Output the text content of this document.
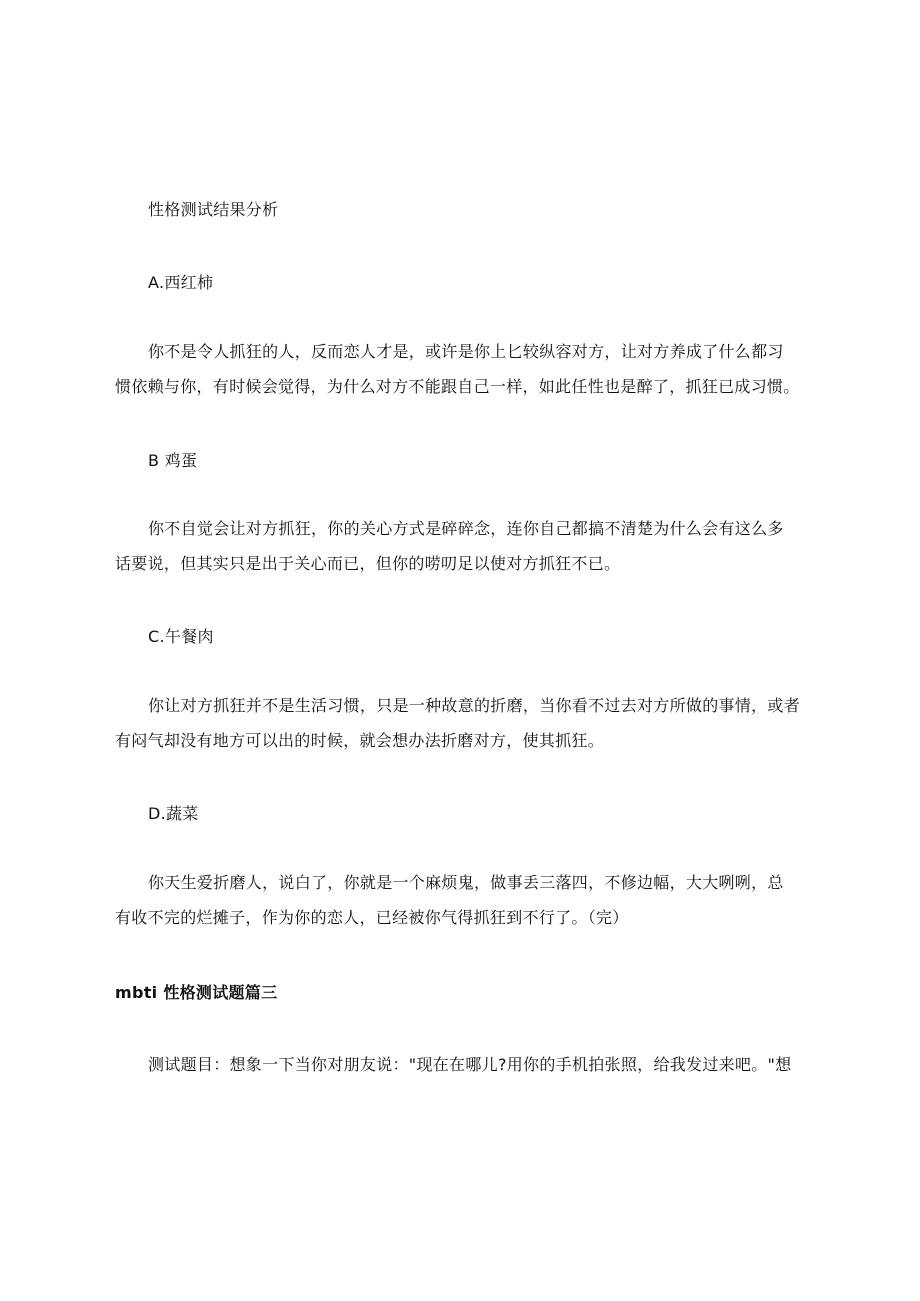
性格测试结果分析
A.西红柿
你不是令人抓狂的人，反而恋人才是，或许是你上匕较纵容对方，让对方养成了什么都习
惯依赖与你，有时候会觉得，为什么对方不能跟自己一样，如此任性也是醉了，抓狂已成习惯。
B 鸡蛋
你不自觉会让对方抓狂，你的关心方式是碎碎念，连你自己都搞不清楚为什么会有这么多
话要说，但其实只是出于关心而已，但你的唠叨足以使对方抓狂不已。
C.午餐肉
你让对方抓狂并不是生活习惯，只是一种故意的折磨，当你看不过去对方所做的事情，或者
有闷气却没有地方可以出的时候，就会想办法折磨对方，使其抓狂。
D.蔬菜
你天生爱折磨人，说白了，你就是一个麻烦鬼，做事丢三落四，不修边幅，大大咧咧，总
有收不完的烂摊子，作为你的恋人，已经被你气得抓狂到不行了。（完）
mbti 性格测试题篇三
测试题目：想象一下当你对朋友说："现在在哪儿?用你的手机拍张照，给我发过来吧。"想
